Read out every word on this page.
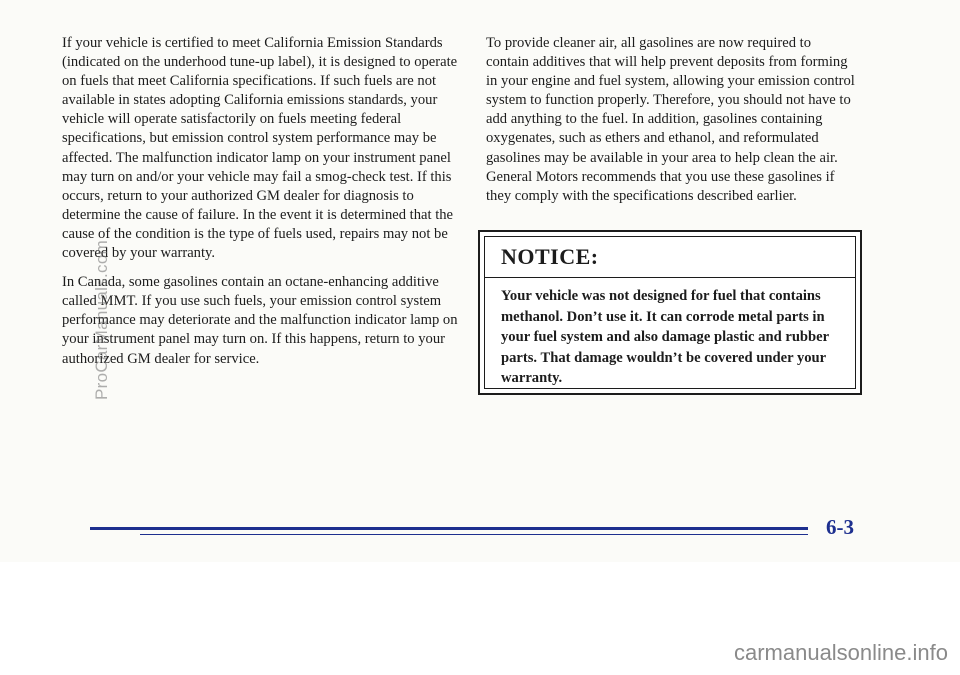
If your vehicle is certified to meet California Emission Standards (indicated on the underhood tune-up label), it is designed to operate on fuels that meet California specifications. If such fuels are not available in states adopting California emissions standards, your vehicle will operate satisfactorily on fuels meeting federal specifications, but emission control system performance may be affected. The malfunction indicator lamp on your instrument panel may turn on and/or your vehicle may fail a smog-check test. If this occurs, return to your authorized GM dealer for diagnosis to determine the cause of failure. In the event it is determined that the cause of the condition is the type of fuels used, repairs may not be covered by your warranty.

In Canada, some gasolines contain an octane-enhancing additive called MMT. If you use such fuels, your emission control system performance may deteriorate and the malfunction indicator lamp on your instrument panel may turn on. If this happens, return to your authorized GM dealer for service.

To provide cleaner air, all gasolines are now required to contain additives that will help prevent deposits from forming in your engine and fuel system, allowing your emission control system to function properly. Therefore, you should not have to add anything to the fuel. In addition, gasolines containing oxygenates, such as ethers and ethanol, and reformulated gasolines may be available in your area to help clean the air. General Motors recommends that you use these gasolines if they comply with the specifications described earlier.

NOTICE:
Your vehicle was not designed for fuel that contains methanol. Don’t use it. It can corrode metal parts in your fuel system and also damage plastic and rubber parts. That damage wouldn’t be covered under your warranty.
6-3
ProCarManuals.com
carmanualsonline.info
